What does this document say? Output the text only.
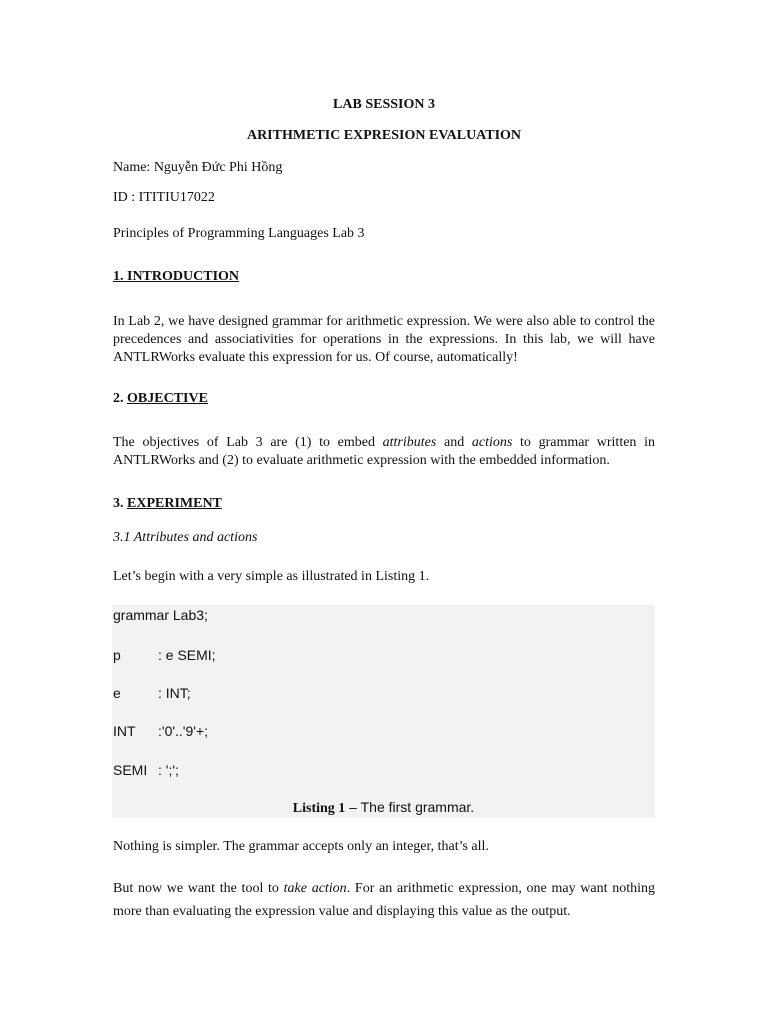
LAB SESSION 3
ARITHMETIC EXPRESION EVALUATION
Name: Nguyễn Đức Phi Hồng
ID : ITITIU17022
Principles of Programming Languages Lab 3
1. INTRODUCTION
In Lab 2, we have designed grammar for arithmetic expression. We were also able to control the precedences and associativities for operations in the expressions. In this lab, we will have ANTLRWorks evaluate this expression for us. Of course, automatically!
2. OBJECTIVE
The objectives of Lab 3 are (1) to embed attributes and actions to grammar written in ANTLRWorks and (2) to evaluate arithmetic expression with the embedded information.
3. EXPERIMENT
3.1 Attributes and actions
Let’s begin with a very simple as illustrated in Listing 1.
grammar Lab3;
p	: e SEMI;
e	: INT;
INT :'0'..'9'+;
SEMI : ';';
Listing 1 – The first grammar.
Nothing is simpler. The grammar accepts only an integer, that’s all.
But now we want the tool to take action. For an arithmetic expression, one may want nothing more than evaluating the expression value and displaying this value as the output.
